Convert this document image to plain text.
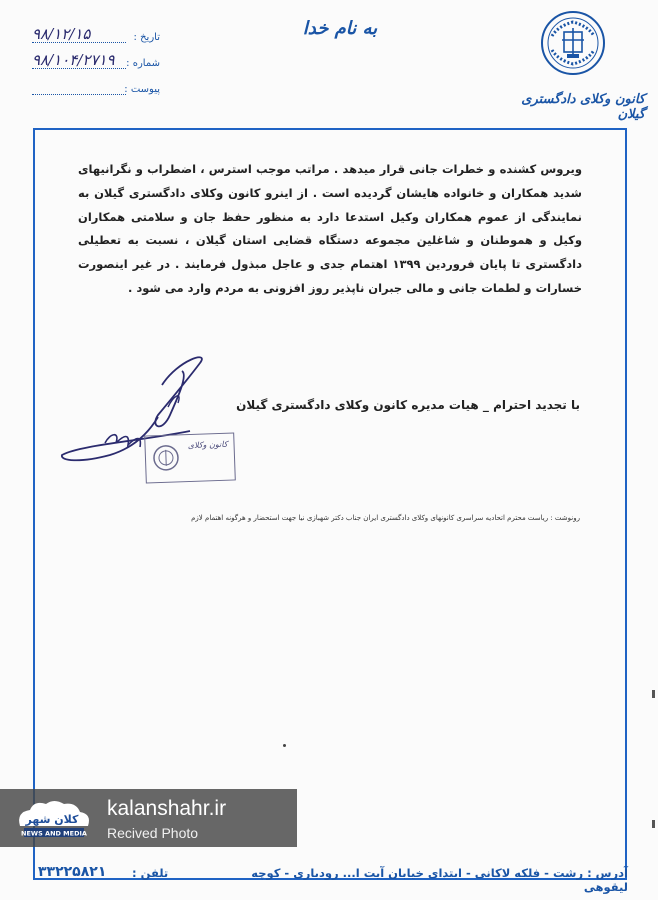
کانون وکلای دادگستری گیلان
به نام خدا
۹۸/۱۲/۱۵	تاریخ :
۹۸/۱۰۴/۲۷۱۹ شماره :
پیوست :
ویروس کشنده و خطرات جانی قرار میدهد . مراتب موجب استرس ، اضطراب و نگرانیهای شدید همکاران و خانواده هایشان گردیده است . از اینرو کانون وکلای دادگستری گیلان به نمایندگی از عموم همکاران وکیل استدعا دارد به منظور حفظ جان و سلامتی همکاران وکیل و هموطنان و شاغلین مجموعه دستگاه قضایی استان گیلان ، نسبت به تعطیلی دادگستری تا پایان فروردین ۱۳۹۹ اهتمام جدی و عاجل مبذول فرمایند . در غیر اینصورت خسارات و لطمات جانی و مالی جبران ناپذیر روز افزونی به مردم وارد می شود .
کانون وکلای
با تجدید احترام _ هیات مدیره کانون وکلای دادگستری گیلان
رونوشت : ریاست محترم اتحادیه سراسری کانونهای وکلای دادگستری ایران جناب دکتر شهبازی نیا جهت استحضار و هرگونه اهتمام لازم
آدرس : رشت - فلکه لاکانی - ابتدای خیابان آیت ا... رودباری - کوچه لیقوهی
تلفن :
۳۳۲۲۵۸۲۱
کلان شهر
NEWS AND MEDIA
kalanshahr.ir
Recived Photo
